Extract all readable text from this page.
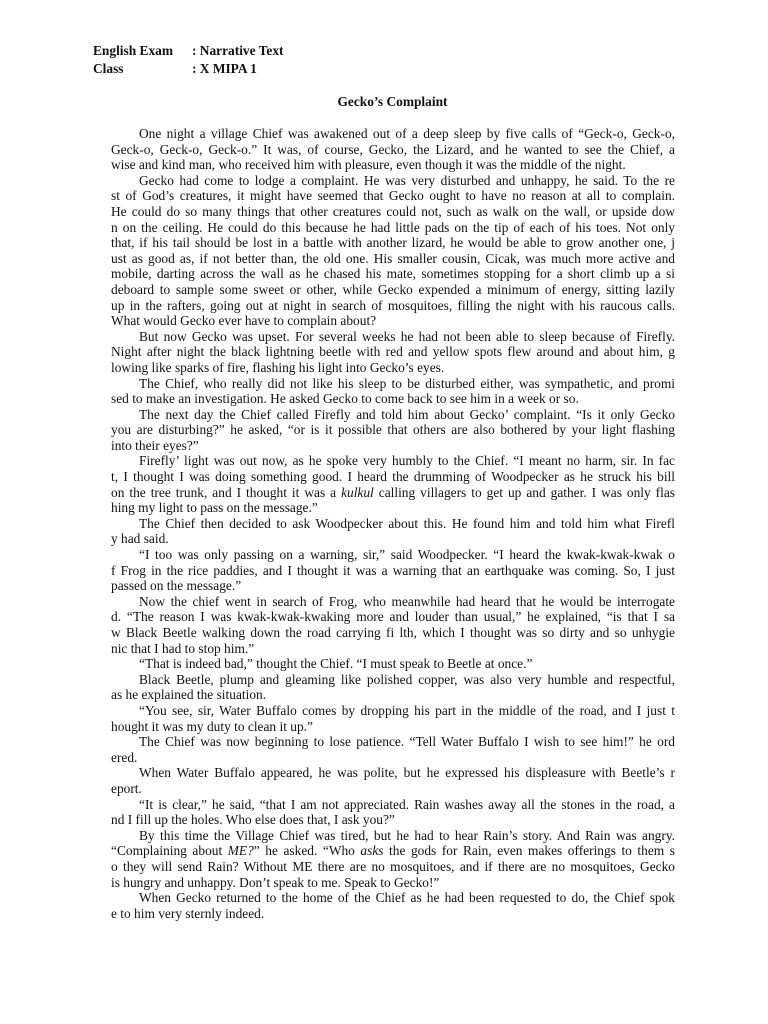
English Exam	: Narrative Text
Class	: X MIPA 1
Gecko’s Complaint
One night a village Chief was awakened out of a deep sleep by five calls of “Geck-o, Geck-o,
Geck-o, Geck-o, Geck-o.” It was, of course, Gecko, the Lizard, and he wanted to see the Chief, a
wise and kind man, who received him with pleasure, even though it was the middle of the night.
Gecko had come to lodge a complaint. He was very disturbed and unhappy, he said. To the re
st of God’s creatures, it might have seemed that Gecko ought to have no reason at all to complain.
He could do so many things that other creatures could not, such as walk on the wall, or upside dow
n on the ceiling. He could do this because he had little pads on the tip of each of his toes. Not only
that, if his tail should be lost in a battle with another lizard, he would be able to grow another one, j
ust as good as, if not better than, the old one. His smaller cousin, Cicak, was much more active and
mobile, darting across the wall as he chased his mate, sometimes stopping for a short climb up a si
deboard to sample some sweet or other, while Gecko expended a minimum of energy, sitting lazily
up in the rafters, going out at night in search of mosquitoes, filling the night with his raucous calls.
What would Gecko ever have to complain about?
But now Gecko was upset. For several weeks he had not been able to sleep because of Firefly.
Night after night the black lightning beetle with red and yellow spots flew around and about him, g
lowing like sparks of fire, flashing his light into Gecko’s eyes.
The Chief, who really did not like his sleep to be disturbed either, was sympathetic, and promi
sed to make an investigation. He asked Gecko to come back to see him in a week or so.
The next day the Chief called Firefly and told him about Gecko’ complaint. “Is it only Gecko
you are disturbing?” he asked, “or is it possible that others are also bothered by your light flashing
into their eyes?”
Firefly’ light was out now, as he spoke very humbly to the Chief. “I meant no harm, sir. In fac
t, I thought I was doing something good. I heard the drumming of Woodpecker as he struck his bill
on the tree trunk, and I thought it was a kulkul calling villagers to get up and gather. I was only flas
hing my light to pass on the message.”
The Chief then decided to ask Woodpecker about this. He found him and told him what Firefl
y had said.
“I too was only passing on a warning, sir,” said Woodpecker. “I heard the kwak-kwak-kwak o
f Frog in the rice paddies, and I thought it was a warning that an earthquake was coming. So, I just
passed on the message.”
Now the chief went in search of Frog, who meanwhile had heard that he would be interrogate
d. “The reason I was kwak-kwak-kwaking more and louder than usual,” he explained, “is that I sa
w Black Beetle walking down the road carrying fi lth, which I thought was so dirty and so unhygie
nic that I had to stop him.”
“That is indeed bad,” thought the Chief. “I must speak to Beetle at once.”
Black Beetle, plump and gleaming like polished copper, was also very humble and respectful,
as he explained the situation.
“You see, sir, Water Buffalo comes by dropping his part in the middle of the road, and I just t
hought it was my duty to clean it up.”
The Chief was now beginning to lose patience. “Tell Water Buffalo I wish to see him!” he ord
ered.
When Water Buffalo appeared, he was polite, but he expressed his displeasure with Beetle’s r
eport.
“It is clear,” he said, “that I am not appreciated. Rain washes away all the stones in the road, a
nd I fill up the holes. Who else does that, I ask you?”
By this time the Village Chief was tired, but he had to hear Rain’s story. And Rain was angry.
“Complaining about ME?” he asked. “Who asks the gods for Rain, even makes offerings to them s
o they will send Rain? Without ME there are no mosquitoes, and if there are no mosquitoes, Gecko
is hungry and unhappy. Don’t speak to me. Speak to Gecko!”
When Gecko returned to the home of the Chief as he had been requested to do, the Chief spok
e to him very sternly indeed.
